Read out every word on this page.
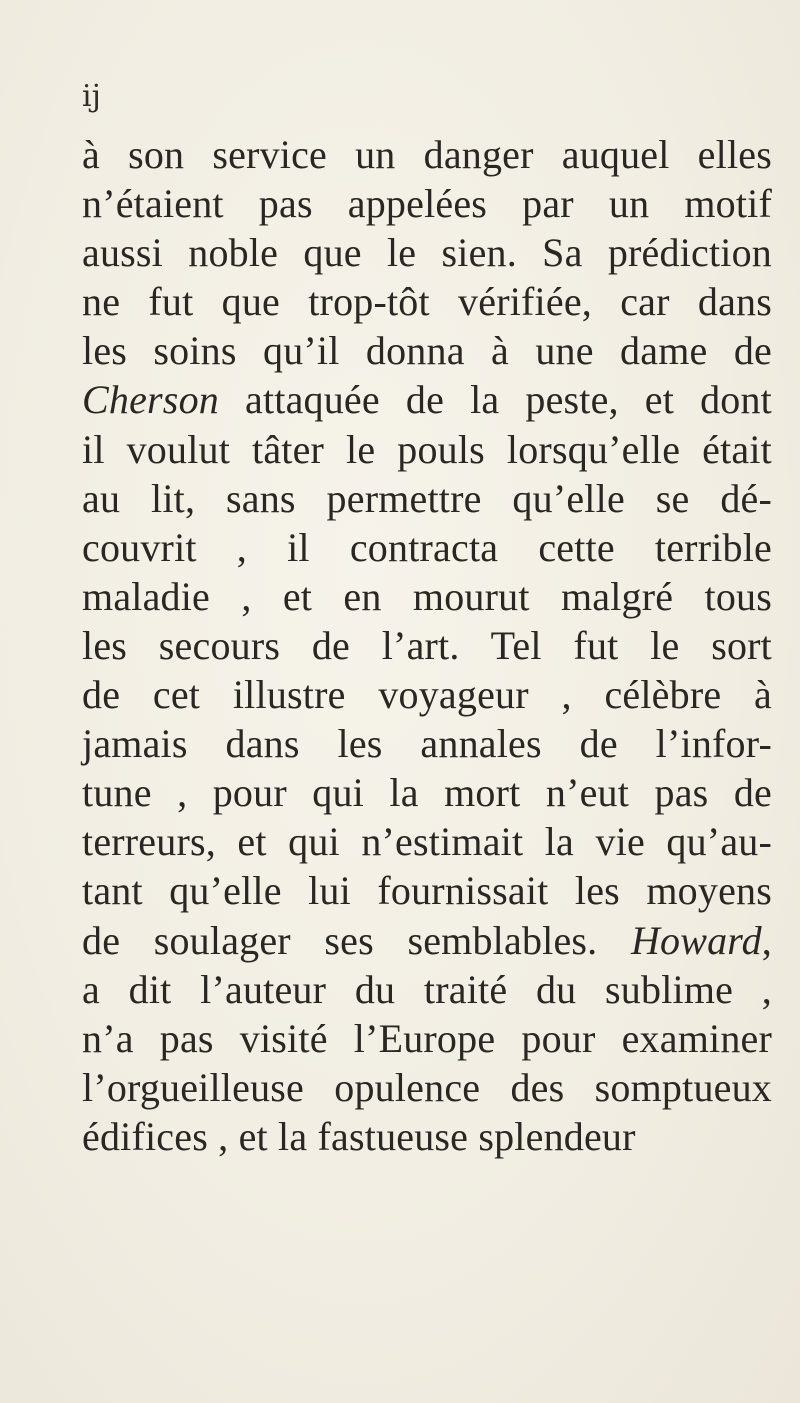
ij
à son service un danger auquel elles
n’étaient pas appelées par un motif
aussi noble que le sien. Sa prédiction
ne fut que trop-tôt vérifiée, car dans
les soins qu’il donna à une dame de
Cherson attaquée de la peste, et dont
il voulut tâter le pouls lorsqu’elle était
au lit, sans permettre qu’elle se dé-
couvrit , il contracta cette terrible
maladie , et en mourut malgré tous
les secours de l’art. Tel fut le sort
de cet illustre voyageur , célèbre à
jamais dans les annales de l’infor-
tune , pour qui la mort n’eut pas de
terreurs, et qui n’estimait la vie qu’au-
tant qu’elle lui fournissait les moyens
de soulager ses semblables. Howard,
a dit l’auteur du traité du sublime ,
n’a pas visité l’Europe pour examiner
l’orgueilleuse opulence des somptueux
édifices , et la fastueuse splendeur
